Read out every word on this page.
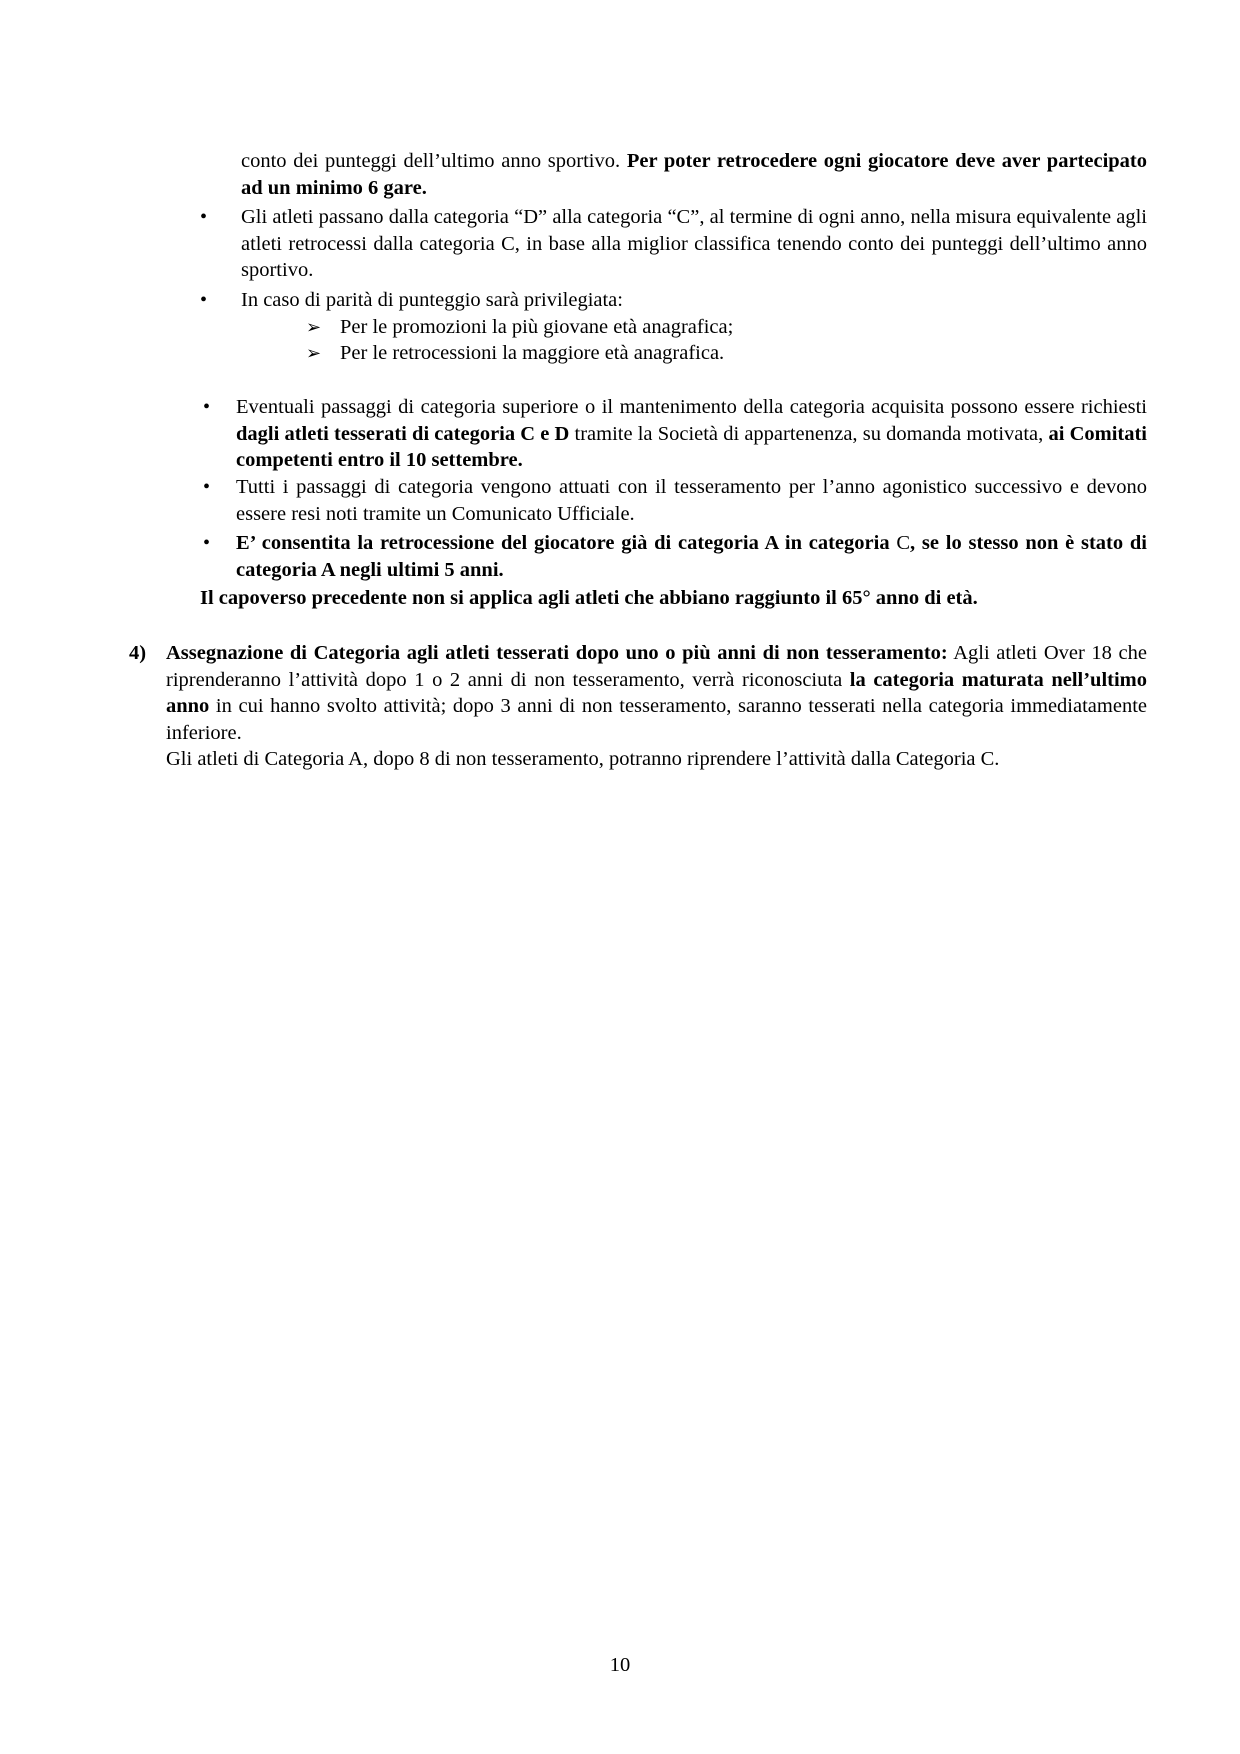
conto dei punteggi dell’ultimo anno sportivo. Per poter retrocedere ogni giocatore deve aver partecipato ad un minimo 6 gare.

• Gli atleti passano dalla categoria “D” alla categoria “C”, al termine di ogni anno, nella misura equivalente agli atleti retrocessi dalla categoria C, in base alla miglior classifica tenendo conto dei punteggi dell’ultimo anno sportivo.

• In caso di parità di punteggio sarà privilegiata:

➢ Per le promozioni la più giovane età anagrafica;
➢ Per le retrocessioni la maggiore età anagrafica.
• Eventuali passaggi di categoria superiore o il mantenimento della categoria acquisita possono essere richiesti dagli atleti tesserati di categoria C e D tramite la Società di appartenenza, su domanda motivata, ai Comitati competenti entro il 10 settembre.

• Tutti i passaggi di categoria vengono attuati con il tesseramento per l’anno agonistico successivo e devono essere resi noti tramite un Comunicato Ufficiale.

• E’ consentita la retrocessione del giocatore già di categoria A in categoria C, se lo stesso non è stato di categoria A negli ultimi 5 anni.

Il capoverso precedente non si applica agli atleti che abbiano raggiunto il 65° anno di età.

4) Assegnazione di Categoria agli atleti tesserati dopo uno o più anni di non tesseramento: Agli atleti Over 18 che riprenderanno l’attività dopo 1 o 2 anni di non tesseramento, verrà riconosciuta la categoria maturata nell’ultimo anno in cui hanno svolto attività; dopo 3 anni di non tesseramento, saranno tesserati nella categoria immediatamente inferiore.

Gli atleti di Categoria A, dopo 8 di non tesseramento, potranno riprendere l’attività dalla Categoria C.

10
